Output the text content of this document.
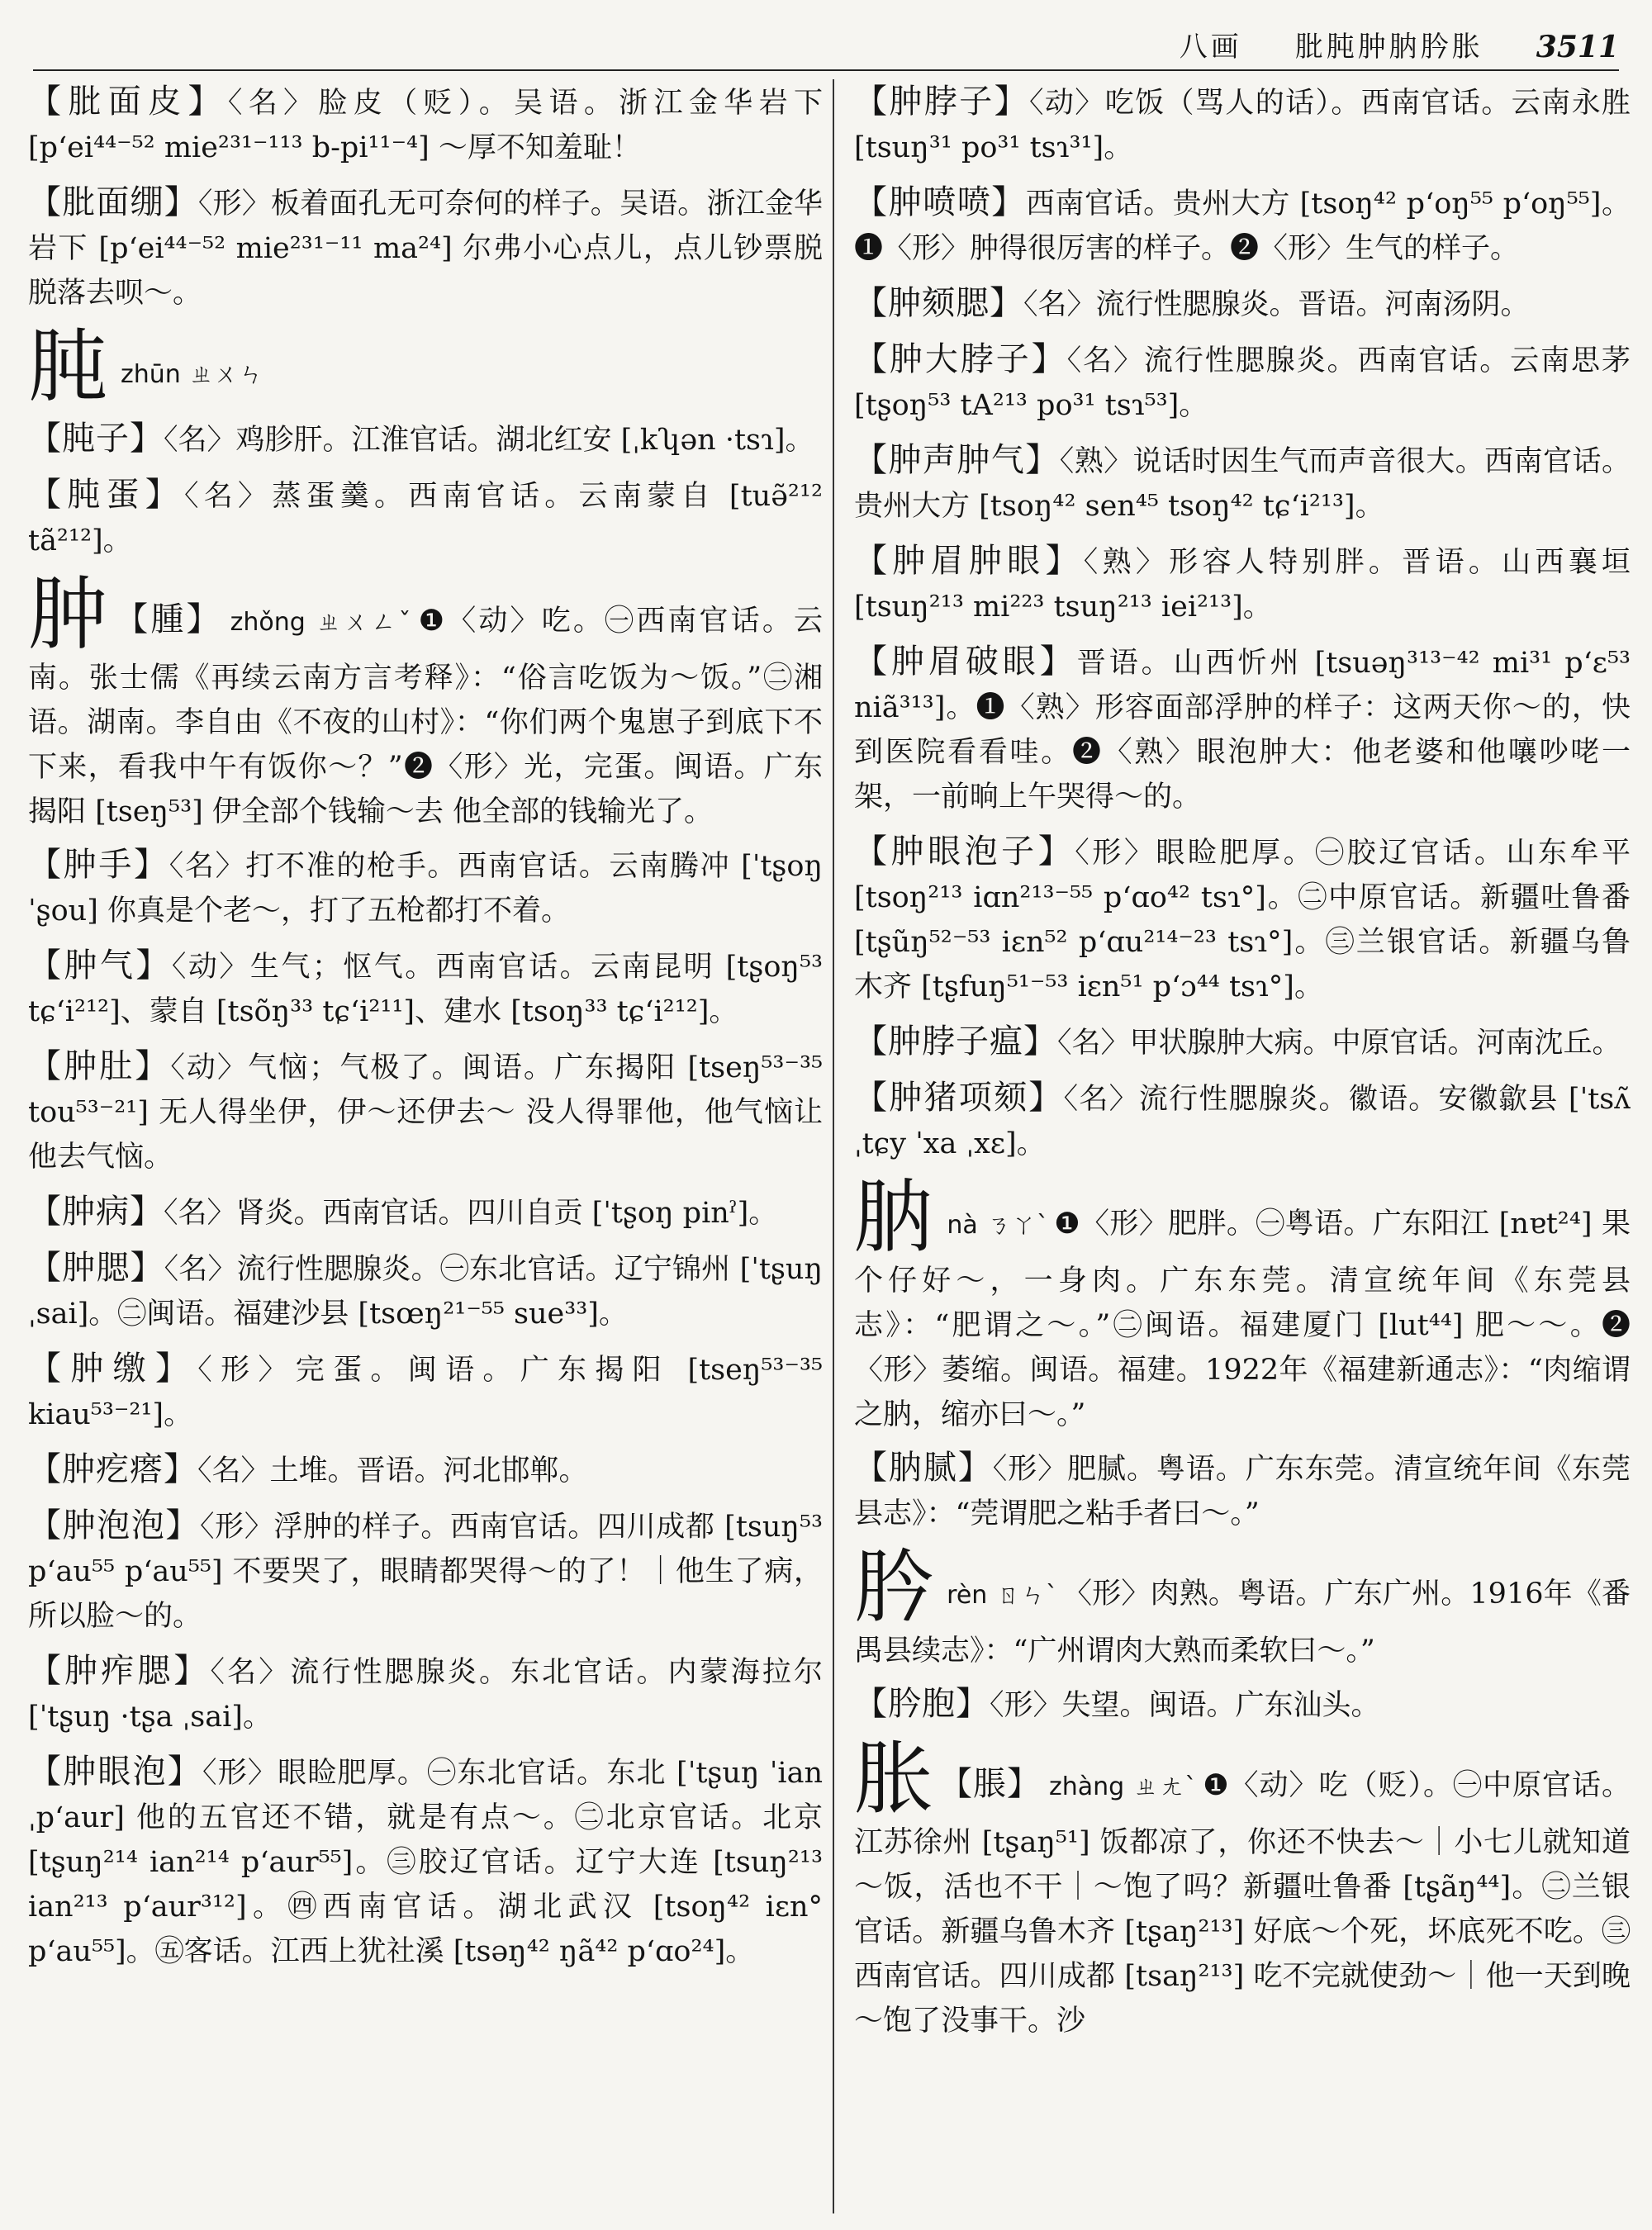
八画 肶肫肿肭肣胀 3511
【肶面皮】〈名〉脸皮（贬）。吴语。浙江金华岩下 [pʻei⁴⁴⁻⁵² mie²³¹⁻¹¹³ b-pi¹¹⁻⁴] ～厚不知羞耻！
【肶面绷】〈形〉板着面孔无可奈何的样子。吴语。浙江金华岩下 [pʻei⁴⁴⁻⁵² mie²³¹⁻¹¹ ma²⁴] 尔弗小心点儿，点儿钞票脱脱落去呗～。
肫zhūn ㄓㄨㄣ
【肫子】〈名〉鸡胗肝。江淮官话。湖北红安 [ˌkʮən ·tsɿ]。
【肫蛋】〈名〉蒸蛋羹。西南官话。云南蒙自 [tuə̃²¹² tã²¹²]。
肿 【腫】 zhǒng ㄓㄨㄥˇ ❶〈动〉吃。㊀西南官话。云南。张士儒《再续云南方言考释》：“俗言吃饭为～饭。”㊁湘语。湖南。李自由《不夜的山村》：“你们两个鬼崽子到底下不下来，看我中午有饭你～？”❷〈形〉光，完蛋。闽语。广东揭阳 [tseŋ⁵³] 伊全部个钱输～去 他全部的钱输光了。
【肿手】〈名〉打不准的枪手。西南官话。云南腾冲 [ˈtʂoŋ ˈʂou] 你真是个老～，打了五枪都打不着。
【肿气】〈动〉生气；怄气。西南官话。云南昆明 [tʂoŋ⁵³ tɕʻi²¹²]、蒙自 [tsõŋ³³ tɕʻi²¹¹]、建水 [tsoŋ³³ tɕʻi²¹²]。
【肿肚】〈动〉气恼；气极了。闽语。广东揭阳 [tseŋ⁵³⁻³⁵ tou⁵³⁻²¹] 无人得坐伊，伊～还伊去～ 没人得罪他，他气恼让他去气恼。
【肿病】〈名〉肾炎。西南官话。四川自贡 [ˈtʂoŋ pinˀ]。
【肿腮】〈名〉流行性腮腺炎。㊀东北官话。辽宁锦州 [ˈtʂuŋ ˌsai]。㊁闽语。福建沙县 [tsœŋ²¹⁻⁵⁵ sue³³]。
【肿缴】〈形〉完蛋。闽语。广东揭阳 [tseŋ⁵³⁻³⁵ kiau⁵³⁻²¹]。
【肿疙瘩】〈名〉土堆。晋语。河北邯郸。
【肿泡泡】〈形〉浮肿的样子。西南官话。四川成都 [tsuŋ⁵³ pʻau⁵⁵ pʻau⁵⁵] 不要哭了，眼睛都哭得～的了！｜他生了病，所以脸～的。
【肿痄腮】〈名〉流行性腮腺炎。东北官话。内蒙海拉尔 [ˈtʂuŋ ·tʂa ˌsai]。
【肿眼泡】〈形〉眼睑肥厚。㊀东北官话。东北 [ˈtʂuŋ ˈian ˌpʻaur] 他的五官还不错，就是有点～。㊁北京官话。北京 [tʂuŋ²¹⁴ ian²¹⁴ pʻaur⁵⁵]。㊂胶辽官话。辽宁大连 [tsuŋ²¹³ ian²¹³ pʻaur³¹²]。㊃西南官话。湖北武汉 [tsoŋ⁴² iɛn° pʻau⁵⁵]。㊄客话。江西上犹社溪 [tsəŋ⁴² ŋã⁴² pʻɑo²⁴]。
【肿脖子】〈动〉吃饭（骂人的话）。西南官话。云南永胜 [tsuŋ³¹ po³¹ tsɿ³¹]。
【肿喷喷】西南官话。贵州大方 [tsoŋ⁴² pʻoŋ⁵⁵ pʻoŋ⁵⁵]。❶〈形〉肿得很厉害的样子。❷〈形〉生气的样子。
【肿颏腮】〈名〉流行性腮腺炎。晋语。河南汤阴。
【肿大脖子】〈名〉流行性腮腺炎。西南官话。云南思茅 [tʂoŋ⁵³ tA²¹³ po³¹ tsɿ⁵³]。
【肿声肿气】〈熟〉说话时因生气而声音很大。西南官话。贵州大方 [tsoŋ⁴² sen⁴⁵ tsoŋ⁴² tɕʻi²¹³]。
【肿眉肿眼】〈熟〉形容人特别胖。晋语。山西襄垣 [tsuŋ²¹³ mi²²³ tsuŋ²¹³ iei²¹³]。
【肿眉破眼】晋语。山西忻州 [tsuəŋ³¹³⁻⁴² mi³¹ pʻɛ⁵³ niã³¹³]。❶〈熟〉形容面部浮肿的样子：这两天你～的，快到医院看看哇。❷〈熟〉眼泡肿大：他老婆和他嚷吵咾一架，一前晌上午哭得～的。
【肿眼泡子】〈形〉眼睑肥厚。㊀胶辽官话。山东牟平 [tsoŋ²¹³ iɑn²¹³⁻⁵⁵ pʻɑo⁴² tsɿ°]。㊁中原官话。新疆吐鲁番 [tʂũŋ⁵²⁻⁵³ iɛn⁵² pʻɑu²¹⁴⁻²³ tsɿ°]。㊂兰银官话。新疆乌鲁木齐 [tʂfuŋ⁵¹⁻⁵³ iɛn⁵¹ pʻɔ⁴⁴ tsɿ°]。
【肿脖子瘟】〈名〉甲状腺肿大病。中原官话。河南沈丘。
【肿猪项颏】〈名〉流行性腮腺炎。徽语。安徽歙县 [ˈtsʌ̃ ˌtɕy ˈxa ˌxɛ]。
肭nà ㄋㄚˋ ❶〈形〉肥胖。㊀粤语。广东阳江 [nɐt²⁴] 果个仔好～，一身肉。广东东莞。清宣统年间《东莞县志》：“肥谓之～。”㊁闽语。福建厦门 [lut⁴⁴] 肥～～。❷〈形〉萎缩。闽语。福建。1922年《福建新通志》：“肉缩谓之肭，缩亦曰～。”
【肭腻】〈形〉肥腻。粤语。广东东莞。清宣统年间《东莞县志》：“莞谓肥之粘手者曰～。”
肣rèn ㄖㄣˋ 〈形〉肉熟。粤语。广东广州。1916年《番禺县续志》：“广州谓肉大熟而柔软曰～。”
【肣胞】〈形〉失望。闽语。广东汕头。
胀 【脹】 zhàng ㄓㄤˋ ❶〈动〉吃（贬）。㊀中原官话。江苏徐州 [tʂaŋ⁵¹] 饭都凉了，你还不快去～｜小七儿就知道～饭，活也不干｜～饱了吗？新疆吐鲁番 [tʂãŋ⁴⁴]。㊁兰银官话。新疆乌鲁木齐 [tʂaŋ²¹³] 好底～个死，坏底死不吃。㊂西南官话。四川成都 [tsaŋ²¹³] 吃不完就使劲～｜他一天到晚～饱了没事干。沙
